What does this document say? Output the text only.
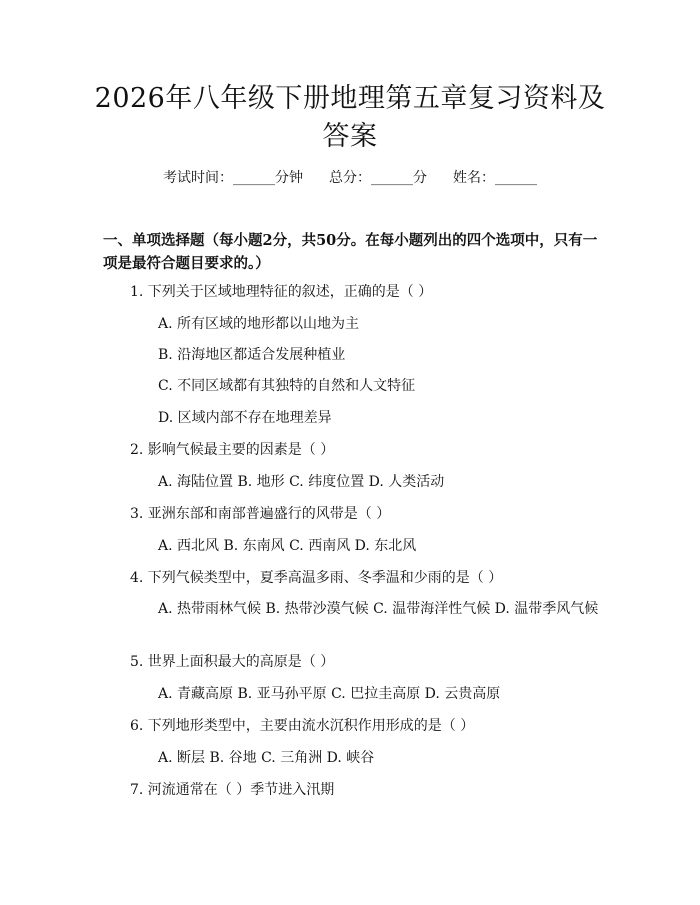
2026年八年级下册地理第五章复习资料及答案
考试时间：______分钟 总分：______分 姓名：______
一、单项选择题（每小题2分，共50分。在每小题列出的四个选项中，只有一项是最符合题目要求的。）
1. 下列关于区域地理特征的叙述，正确的是（ ）
A. 所有区域的地形都以山地为主
B. 沿海地区都适合发展种植业
C. 不同区域都有其独特的自然和人文特征
D. 区域内部不存在地理差异
2. 影响气候最主要的因素是（ ）
A. 海陆位置 B. 地形 C. 纬度位置 D. 人类活动
3. 亚洲东部和南部普遍盛行的风带是（ ）
A. 西北风 B. 东南风 C. 西南风 D. 东北风
4. 下列气候类型中，夏季高温多雨、冬季温和少雨的是（ ）
A. 热带雨林气候 B. 热带沙漠气候 C. 温带海洋性气候 D. 温带季风气候
5. 世界上面积最大的高原是（ ）
A. 青藏高原 B. 亚马孙平原 C. 巴拉圭高原 D. 云贵高原
6. 下列地形类型中，主要由流水沉积作用形成的是（ ）
A. 断层 B. 谷地 C. 三角洲 D. 峡谷
7. 河流通常在（ ）季节进入汛期
